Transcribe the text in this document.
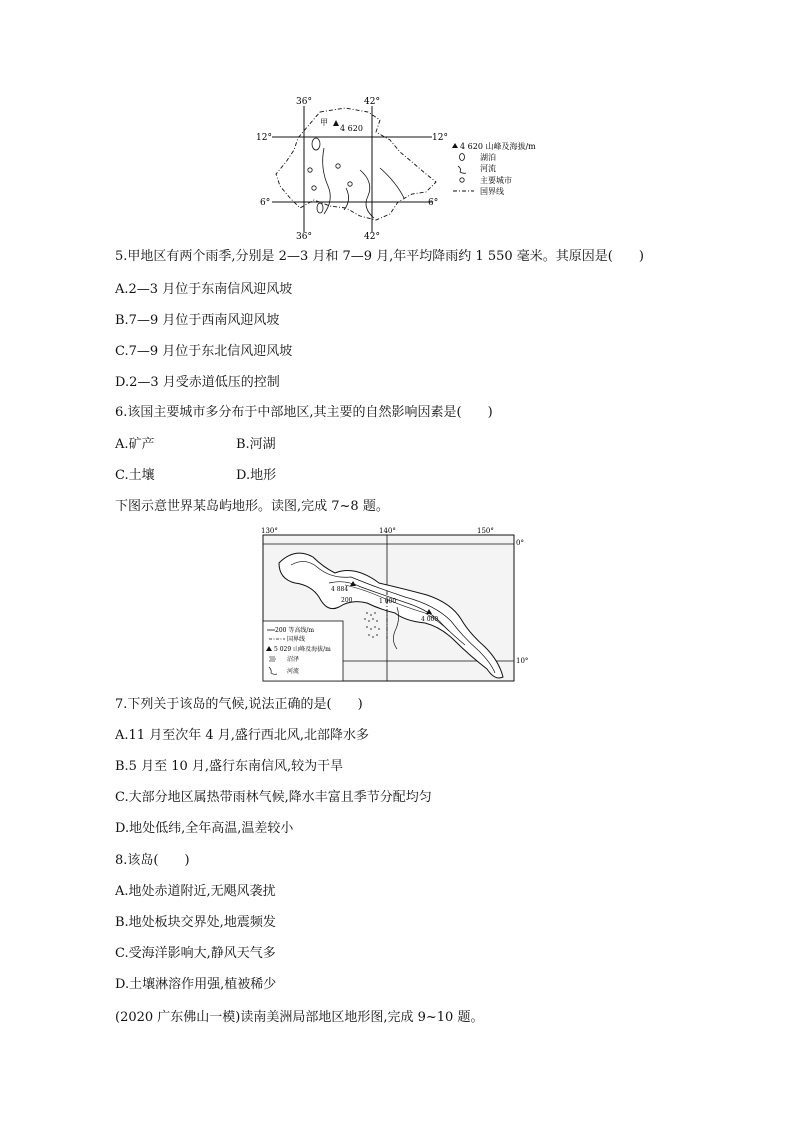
甲
4 620
36°	42°
12°	12°
6°	6°
36°	42°
4 620 山峰及海拔/m
湖泊
河流
主要城市
国界线
5.甲地区有两个雨季,分别是 2—3 月和 7—9 月,年平均降雨约 1 550 毫米。其原因是(　　)
A.2—3 月位于东南信风迎风坡
B.7—9 月位于西南风迎风坡
C.7—9 月位于东北信风迎风坡
D.2—3 月受赤道低压的控制
6.该国主要城市多分布于中部地区,其主要的自然影响因素是(　　)
A.矿产	B.河湖
C.土壤	D.地形
下图示意世界某岛屿地形。读图,完成 7~8 题。
130°	140°	150°
0°
10°
4 884
4 000
200	1 000
200 等高线/m
国界线
5 029 山峰及海拔/m
沼泽
河流
7.下列关于该岛的气候,说法正确的是(　　)
A.11 月至次年 4 月,盛行西北风,北部降水多
B.5 月至 10 月,盛行东南信风,较为干旱
C.大部分地区属热带雨林气候,降水丰富且季节分配均匀
D.地处低纬,全年高温,温差较小
8.该岛(　　)
A.地处赤道附近,无飓风袭扰
B.地处板块交界处,地震频发
C.受海洋影响大,静风天气多
D.土壤淋溶作用强,植被稀少
(2020 广东佛山一模)读南美洲局部地区地形图,完成 9~10 题。
